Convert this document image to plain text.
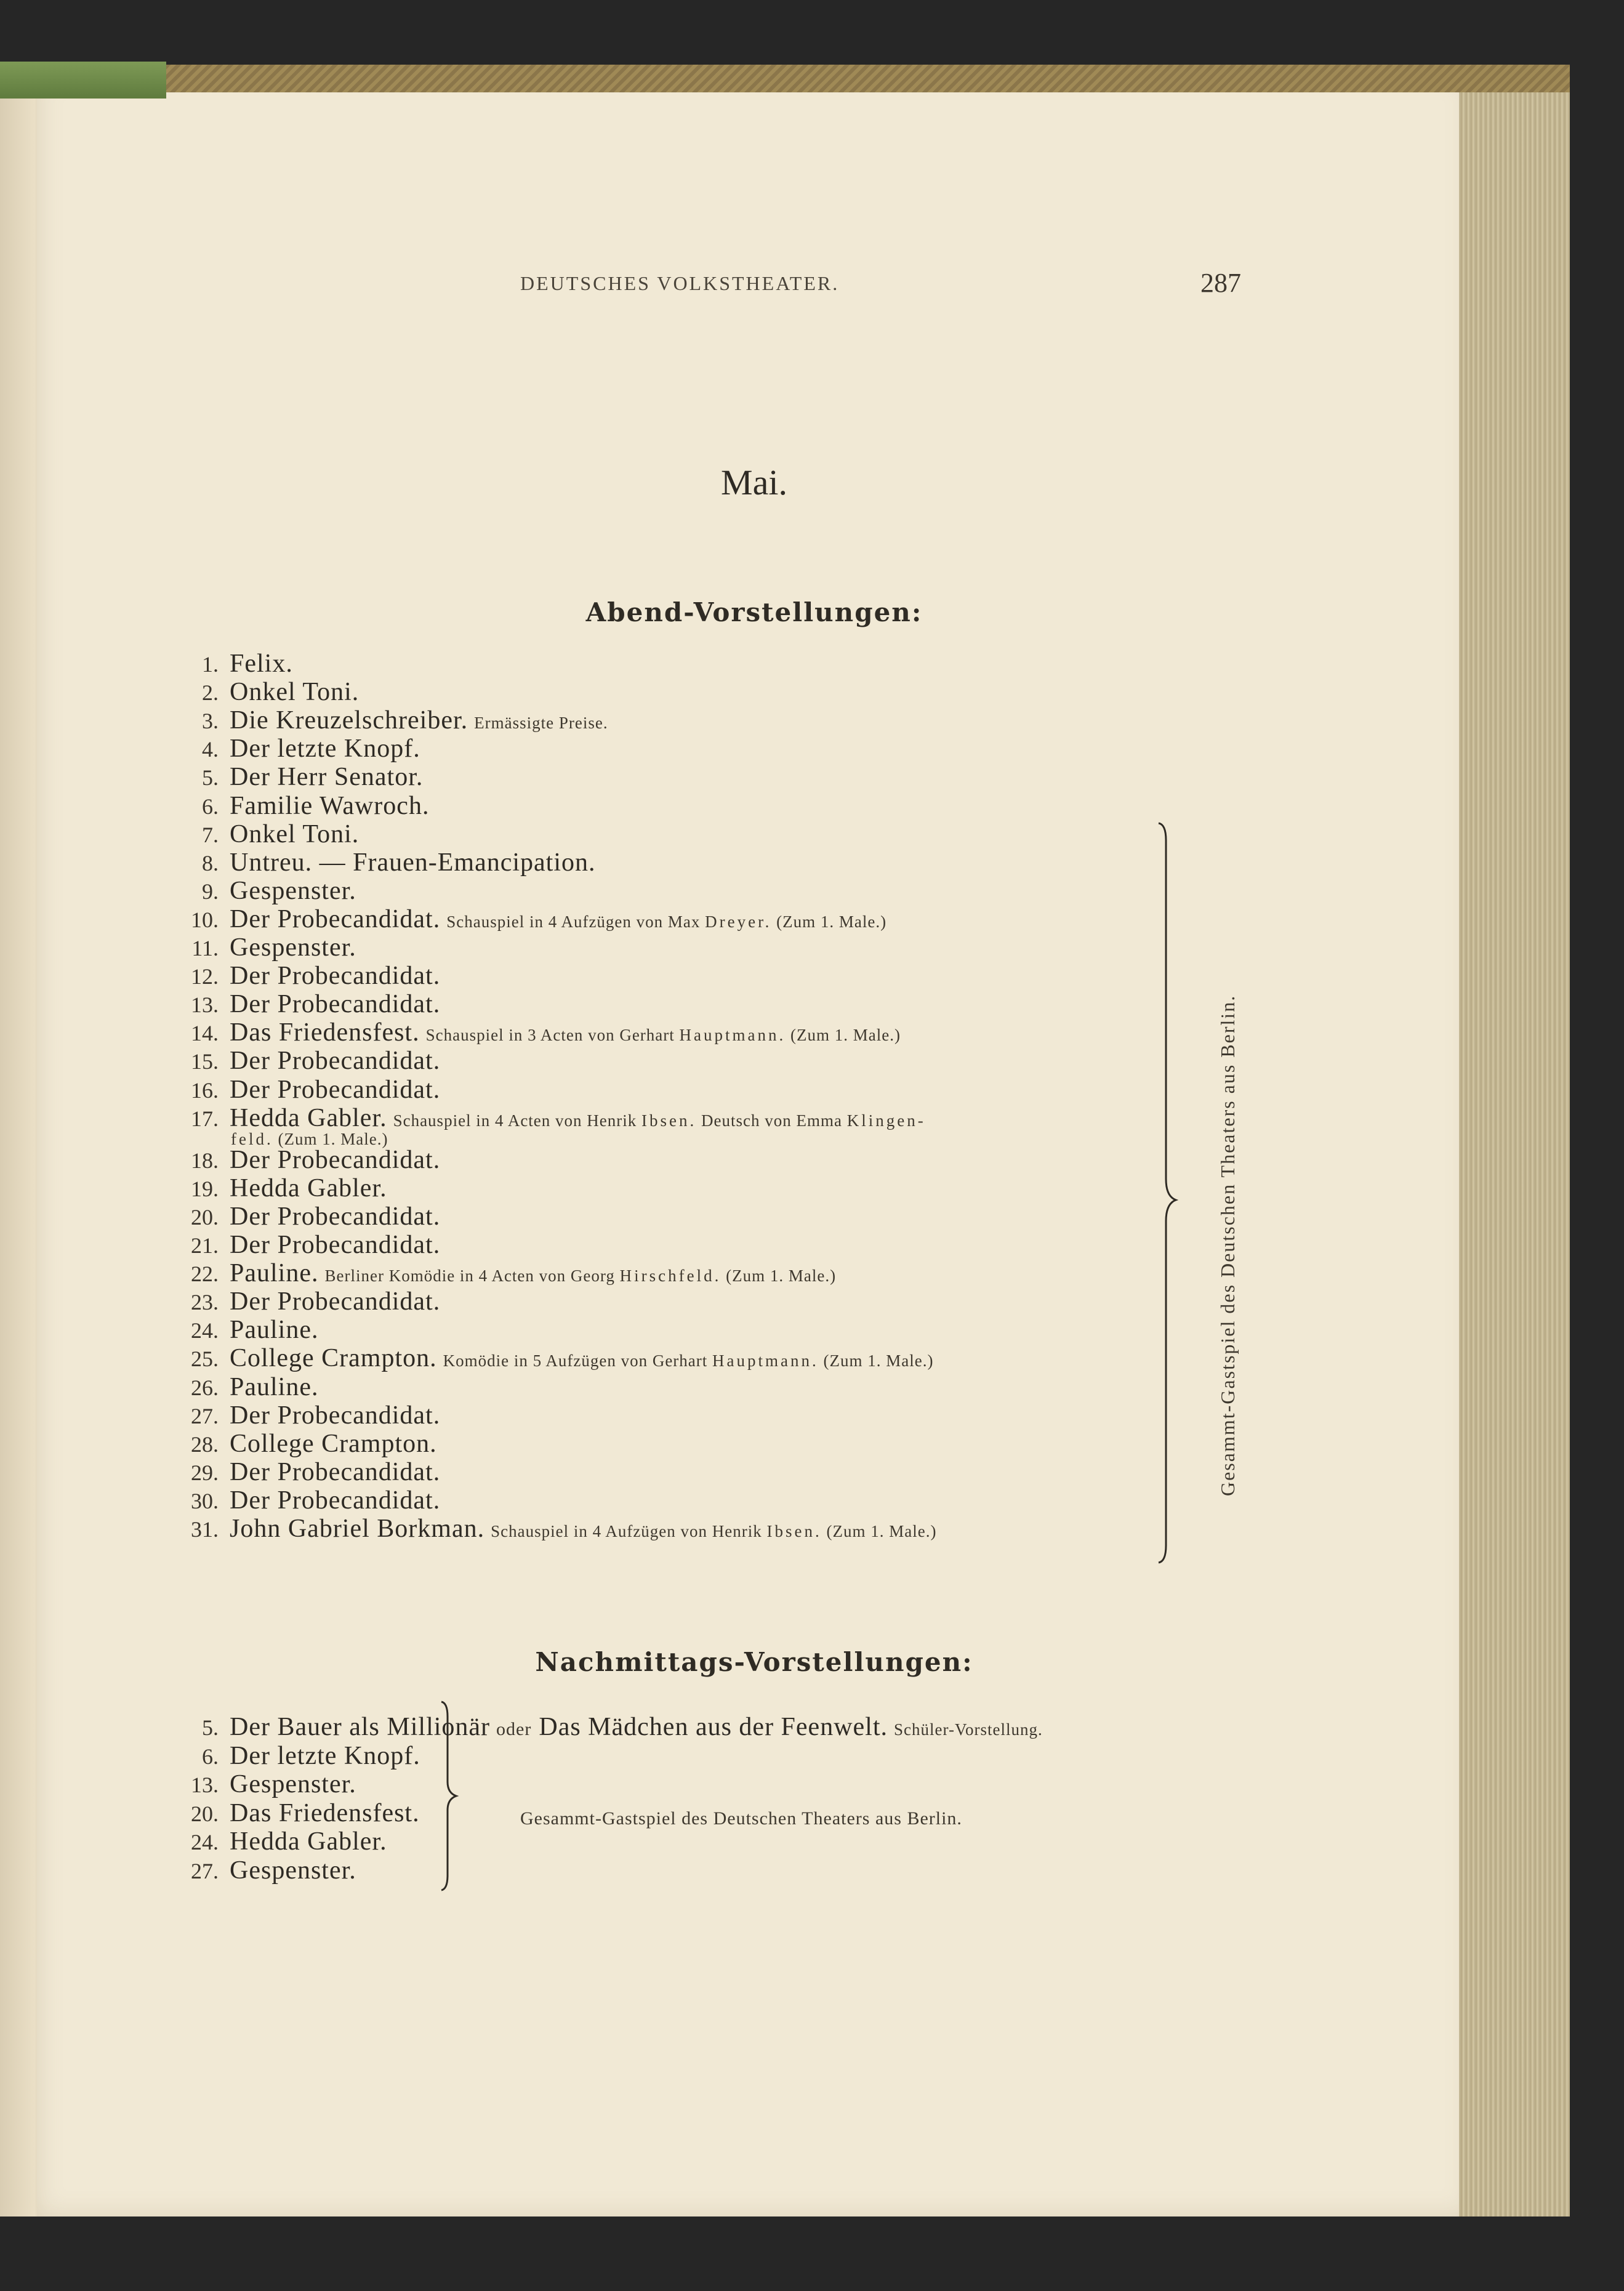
DEUTSCHES VOLKSTHEATER.	287
Mai.
Abend-Vorstellungen:
1. Felix.
2. Onkel Toni.
3. Die Kreuzelschreiber. Ermässigte Preise.
4. Der letzte Knopf.
5. Der Herr Senator.
6. Familie Wawroch.
7. Onkel Toni.
8. Untreu. — Frauen-Emancipation.
9. Gespenster.
10. Der Probecandidat. Schauspiel in 4 Aufzügen von Max Dreyer. (Zum 1. Male.)
11. Gespenster.
12. Der Probecandidat.
13. Der Probecandidat.
14. Das Friedensfest. Schauspiel in 3 Acten von Gerhart Hauptmann. (Zum 1. Male.)
15. Der Probecandidat.
16. Der Probecandidat.
17. Hedda Gabler. Schauspiel in 4 Acten von Henrik Ibsen. Deutsch von Emma Klingen-
feld. (Zum 1. Male.)
18. Der Probecandidat.
19. Hedda Gabler.
20. Der Probecandidat.
21. Der Probecandidat.
22. Pauline. Berliner Komödie in 4 Acten von Georg Hirschfeld. (Zum 1. Male.)
23. Der Probecandidat.
24. Pauline.
25. College Crampton. Komödie in 5 Aufzügen von Gerhart Hauptmann. (Zum 1. Male.)
26. Pauline.
27. Der Probecandidat.
28. College Crampton.
29. Der Probecandidat.
30. Der Probecandidat.
31. John Gabriel Borkman. Schauspiel in 4 Aufzügen von Henrik Ibsen. (Zum 1. Male.)
Gesammt-Gastspiel des Deutschen Theaters aus Berlin.
Nachmittags-Vorstellungen:
5. Der Bauer als Millionär oder Das Mädchen aus der Feenwelt. Schüler-Vorstellung.
6. Der letzte Knopf.
13. Gespenster.
20. Das Friedensfest.
24. Hedda Gabler.
27. Gespenster.
Gesammt-Gastspiel des Deutschen Theaters aus Berlin.
